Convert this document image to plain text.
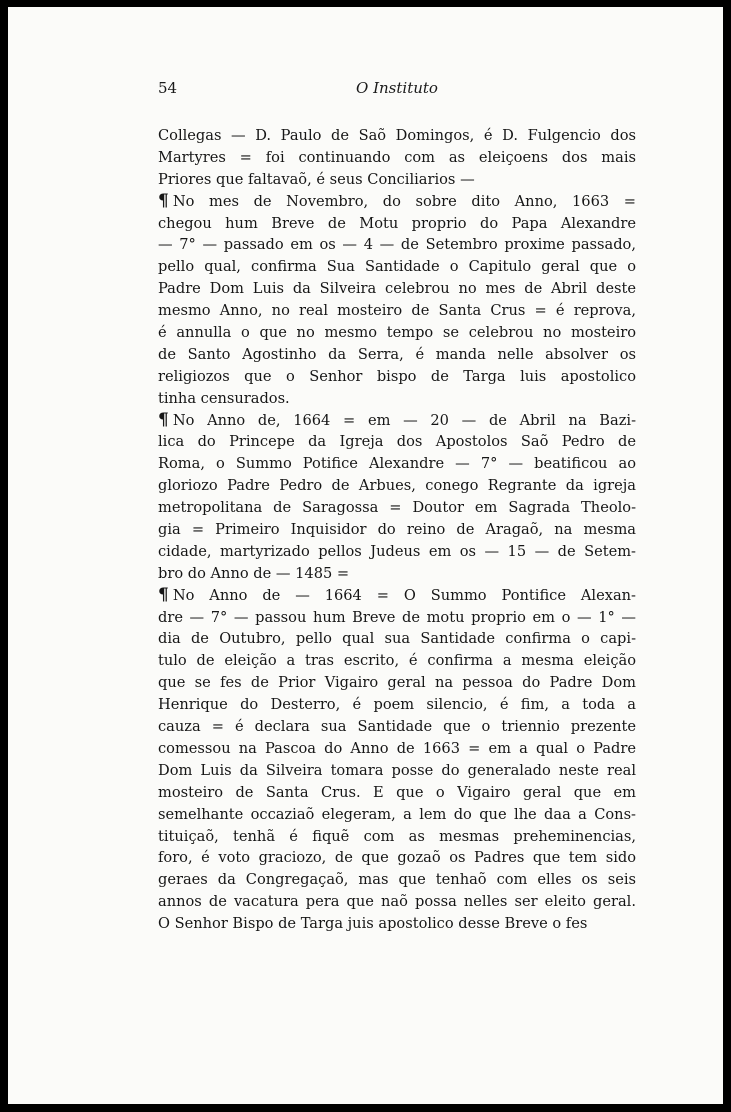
54	O Instituto
Collegas — D. Paulo de Saõ Domingos, é D. Fulgencio dos
Martyres = foi continuando com as eleiçoens dos mais
Priores que faltavaõ, é seus Conciliarios —
¶ No mes de Novembro, do sobre dito Anno, 1663 =
chegou hum Breve de Motu proprio do Papa Alexandre
— 7° — passado em os — 4 — de Setembro proxime passado,
pello qual, confirma Sua Santidade o Capitulo geral que o
Padre Dom Luis da Silveira celebrou no mes de Abril deste
mesmo Anno, no real mosteiro de Santa Crus = é reprova,
é annulla o que no mesmo tempo se celebrou no mosteiro
de Santo Agostinho da Serra, é manda nelle absolver os
religiozos que o Senhor bispo de Targa luis apostolico
tinha censurados.
¶ No Anno de, 1664 = em — 20 — de Abril na Bazi-
lica do Princepe da Igreja dos Apostolos Saõ Pedro de
Roma, o Summo Potifice Alexandre — 7° — beatificou ao
gloriozo Padre Pedro de Arbues, conego Regrante da igreja
metropolitana de Saragossa = Doutor em Sagrada Theolo-
gia = Primeiro Inquisidor do reino de Aragaõ, na mesma
cidade, martyrizado pellos Judeus em os — 15 — de Setem-
bro do Anno de — 1485 =
¶ No Anno de — 1664 = O Summo Pontifice Alexan-
dre — 7° — passou hum Breve de motu proprio em o — 1° —
dia de Outubro, pello qual sua Santidade confirma o capi-
tulo de eleição a tras escrito, é confirma a mesma eleição
que se fes de Prior Vigairo geral na pessoa do Padre Dom
Henrique do Desterro, é poem silencio, é fim, a toda a
cauza = é declara sua Santidade que o triennio prezente
comessou na Pascoa do Anno de 1663 = em a qual o Padre
Dom Luis da Silveira tomara posse do generalado neste real
mosteiro de Santa Crus. E que o Vigairo geral que em
semelhante occaziaõ elegeram, a lem do que lhe daa a Cons-
tituiçaõ, tenhã é fiquẽ com as mesmas preheminencias,
foro, é voto graciozo, de que gozaõ os Padres que tem sido
geraes da Congregaçaõ, mas que tenhaõ com elles os seis
annos de vacatura pera que naõ possa nelles ser eleito geral.
O Senhor Bispo de Targa juis apostolico desse Breve o fes
